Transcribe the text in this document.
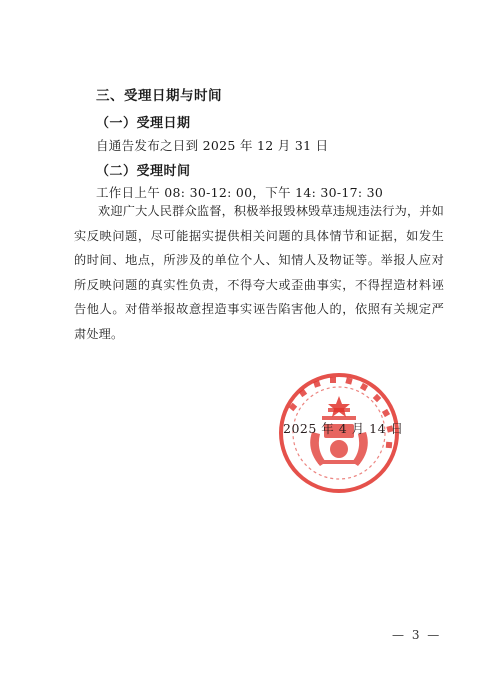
三、受理日期与时间
（一）受理日期
自通告发布之日到 2025 年 12 月 31 日
（二）受理时间
工作日上午 08: 30-12: 00，下午 14: 30-17: 30
欢迎广大人民群众监督，积极举报毁林毁草违规违法行为，并如实反映问题，尽可能据实提供相关问题的具体情节和证据，如发生的时间、地点，所涉及的单位个人、知情人及物证等。举报人应对所反映问题的真实性负责，不得夸大或歪曲事实，不得捏造材料诬告他人。对借举报故意捏造事实诬告陷害他人的，依照有关规定严肃处理。
2025 年 4 月 14 日
— 3 —
